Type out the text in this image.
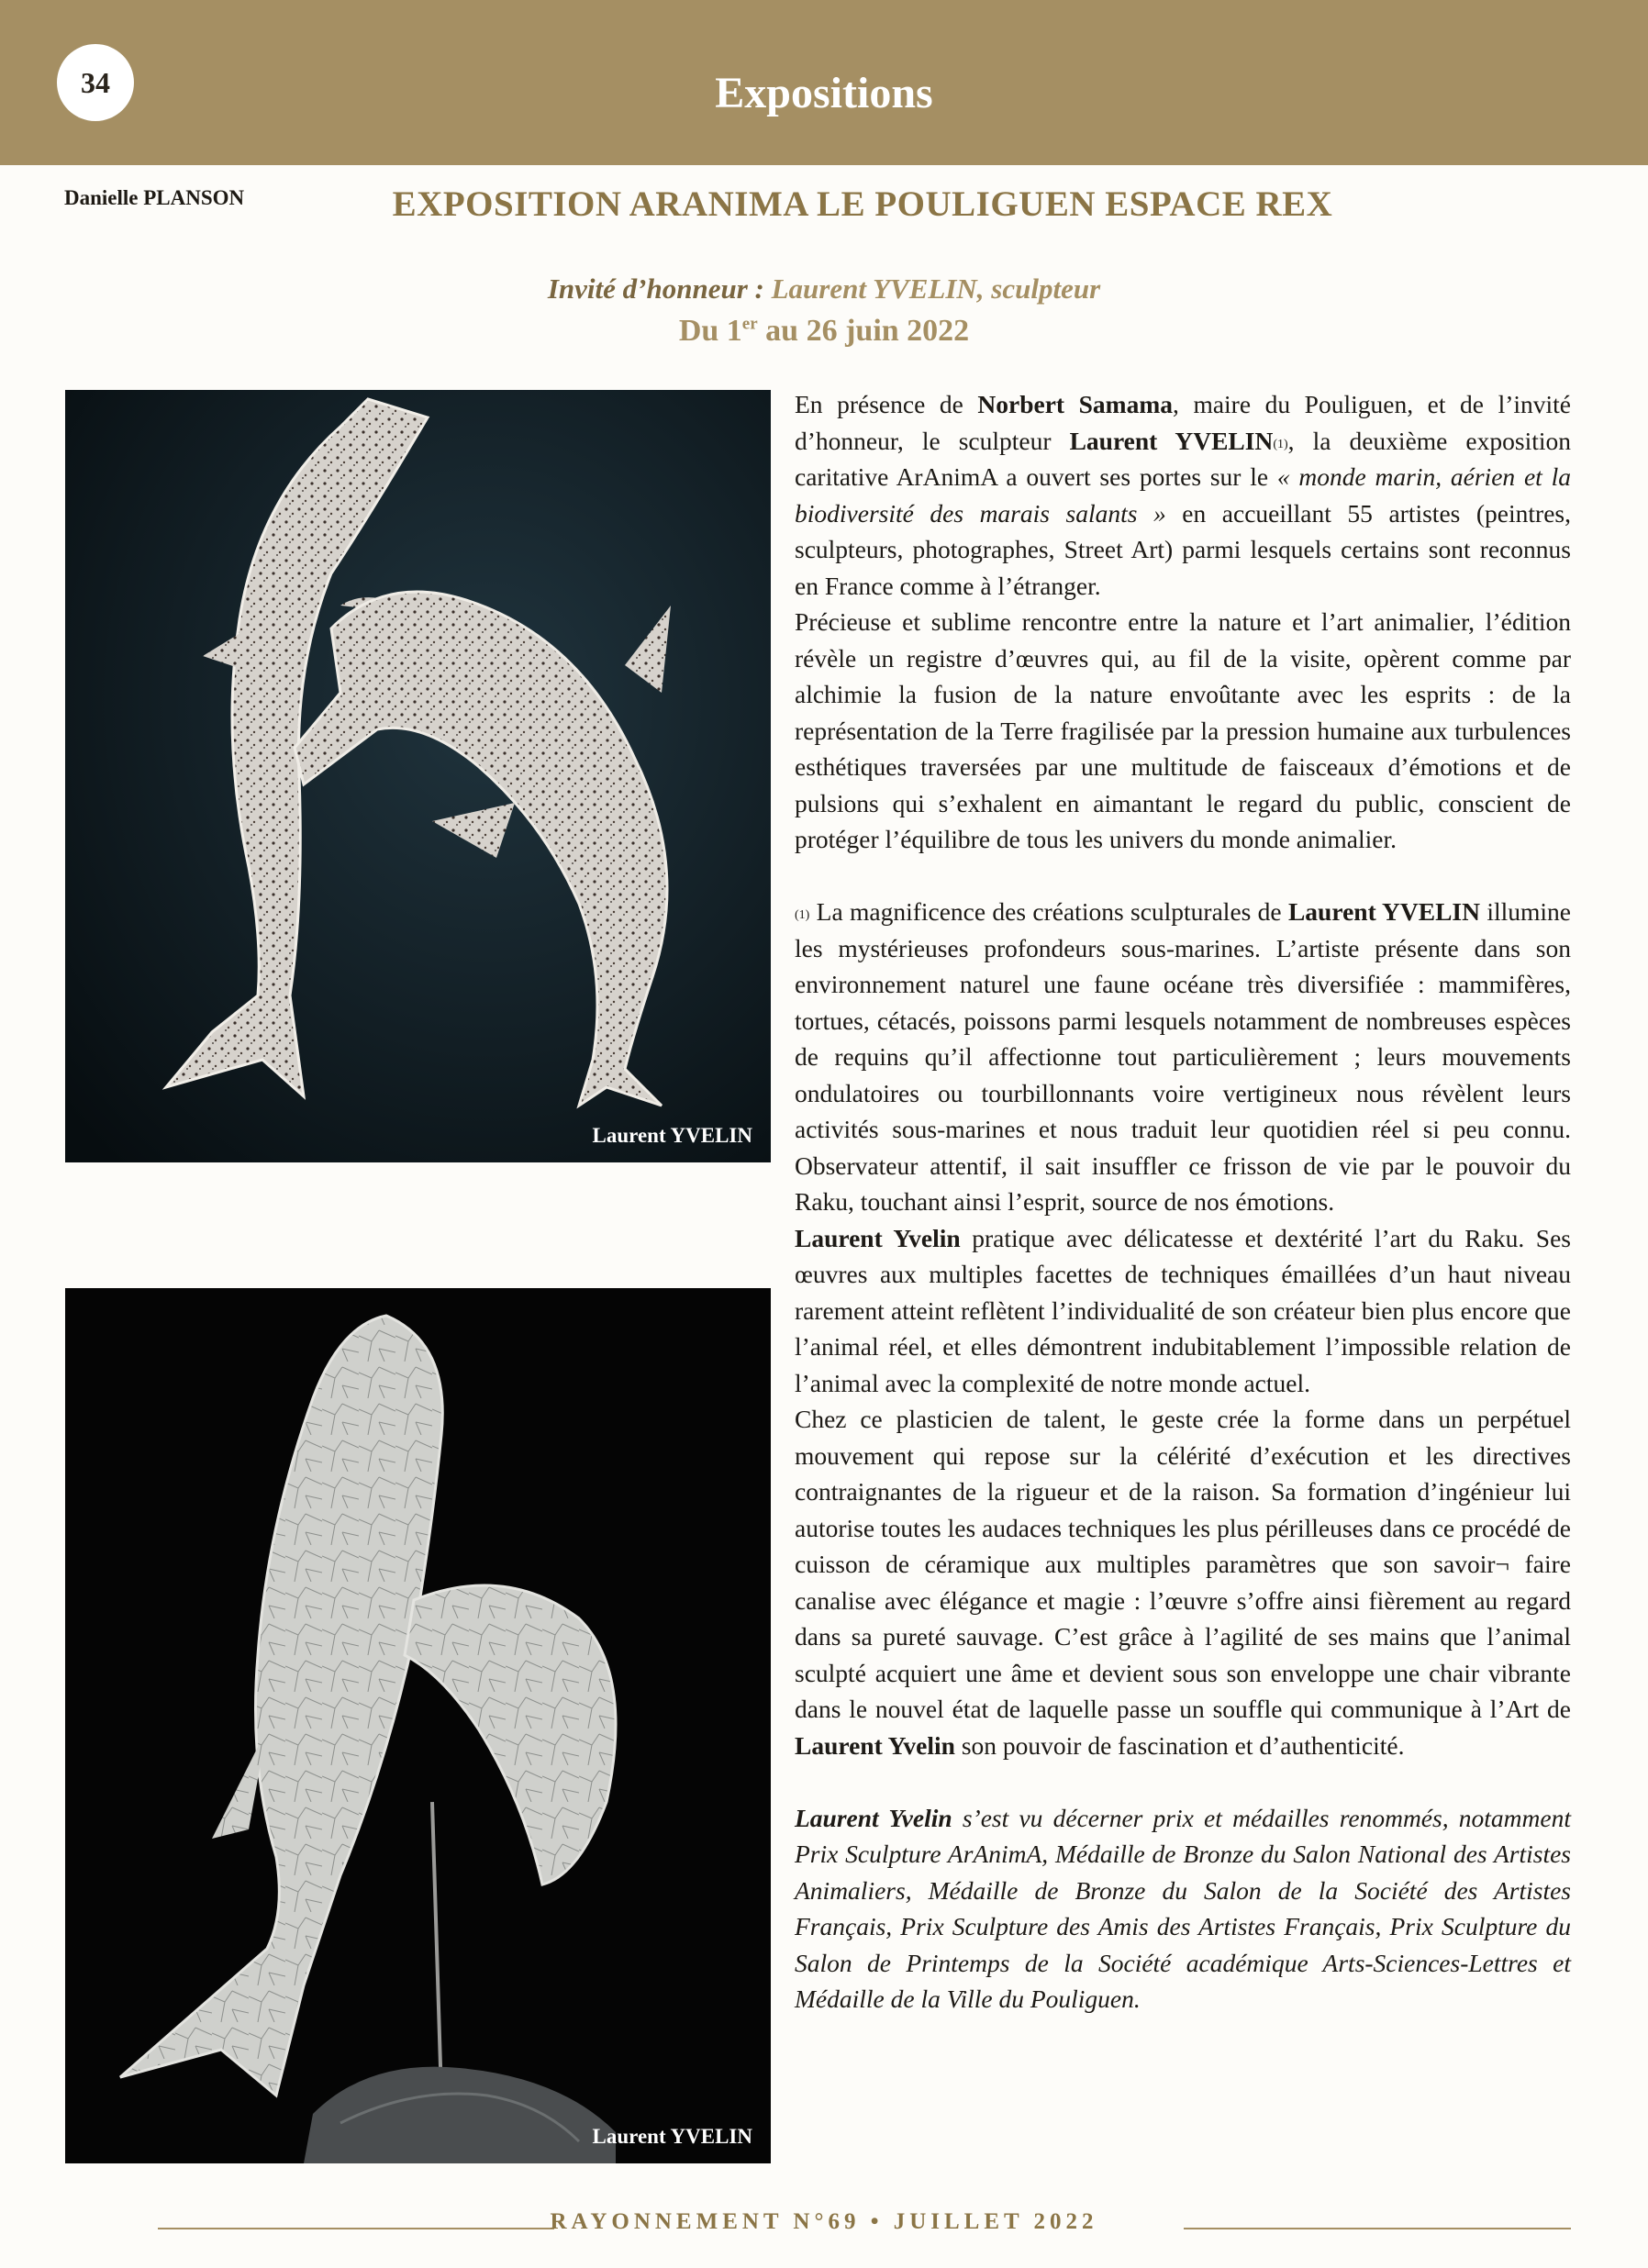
34	Expositions
Danielle PLANSON	EXPOSITION ARANIMA LE POULIGUEN ESPACE REX
Invité d’honneur : Laurent YVELIN, sculpteur
Du 1er au 26 juin 2022
Laurent YVELIN
Laurent YVELIN

En présence de Norbert Samama, maire du Pouliguen, et de l’invité d’honneur, le sculpteur Laurent YVELIN$^{(1)}$, la deuxième exposition caritative ArAnimA a ouvert ses portes sur le « monde marin, aérien et la biodiversité des marais salants » en accueillant 55 artistes (peintres, sculpteurs, photographes, Street Art) parmi lesquels certains sont reconnus en France comme à l’étranger.

Précieuse et sublime rencontre entre la nature et l’art animalier, l’édition révèle un registre d’œuvres qui, au fil de la visite, opèrent comme par alchimie la fusion de la nature envoûtante avec les esprits : de la représentation de la Terre fragilisée par la pression humaine aux turbulences esthétiques traversées par une multitude de faisceaux d’émotions et de pulsions qui s’exhalent en aimantant le regard du public, conscient de protéger l’équilibre de tous les univers du monde animalier.

$^{(1)}$ La magnificence des créations sculpturales de Laurent YVELIN illumine les mystérieuses profondeurs sous-marines. L’artiste présente dans son environnement naturel une faune océane très diversifiée : mammifères, tortues, cétacés, poissons parmi lesquels notamment de nombreuses espèces de requins qu’il affectionne tout particulièrement ; leurs mouvements ondulatoires ou tourbillonnants voire vertigineux nous révèlent leurs activités sous-marines et nous traduit leur quotidien réel si peu connu. Observateur attentif, il sait insuffler ce frisson de vie par le pouvoir du Raku, touchant ainsi l’esprit, source de nos émotions.

Laurent Yvelin pratique avec délicatesse et dextérité l’art du Raku. Ses œuvres aux multiples facettes de techniques émaillées d’un haut niveau rarement atteint reflètent l’individualité de son créateur bien plus encore que l’animal réel, et elles démontrent indubitablement l’impossible relation de l’animal avec la complexité de notre monde actuel.

Chez ce plasticien de talent, le geste crée la forme dans un perpétuel mouvement qui repose sur la célérité d’exécution et les directives contraignantes de la rigueur et de la raison. Sa formation d’ingénieur lui autorise toutes les audaces techniques les plus périlleuses dans ce procédé de cuisson de céramique aux multiples paramètres que son savoir¬ faire canalise avec élégance et magie : l’œuvre s’offre ainsi fièrement au regard dans sa pureté sauvage. C’est grâce à l’agilité de ses mains que l’animal sculpté acquiert une âme et devient sous son enveloppe une chair vibrante dans le nouvel état de laquelle passe un souffle qui communique à l’Art de Laurent Yvelin son pouvoir de fascination et d’authenticité.

Laurent Yvelin s’est vu décerner prix et médailles renommés, notamment Prix Sculpture ArAnimA, Médaille de Bronze du Salon National des Artistes Animaliers, Médaille de Bronze du Salon de la Société des Artistes Français, Prix Sculpture des Amis des Artistes Français, Prix Sculpture du Salon de Printemps de la Société académique Arts-Sciences-Lettres et Médaille de la Ville du Pouliguen.

RAYONNEMENT N°69 • JUILLET 2022
